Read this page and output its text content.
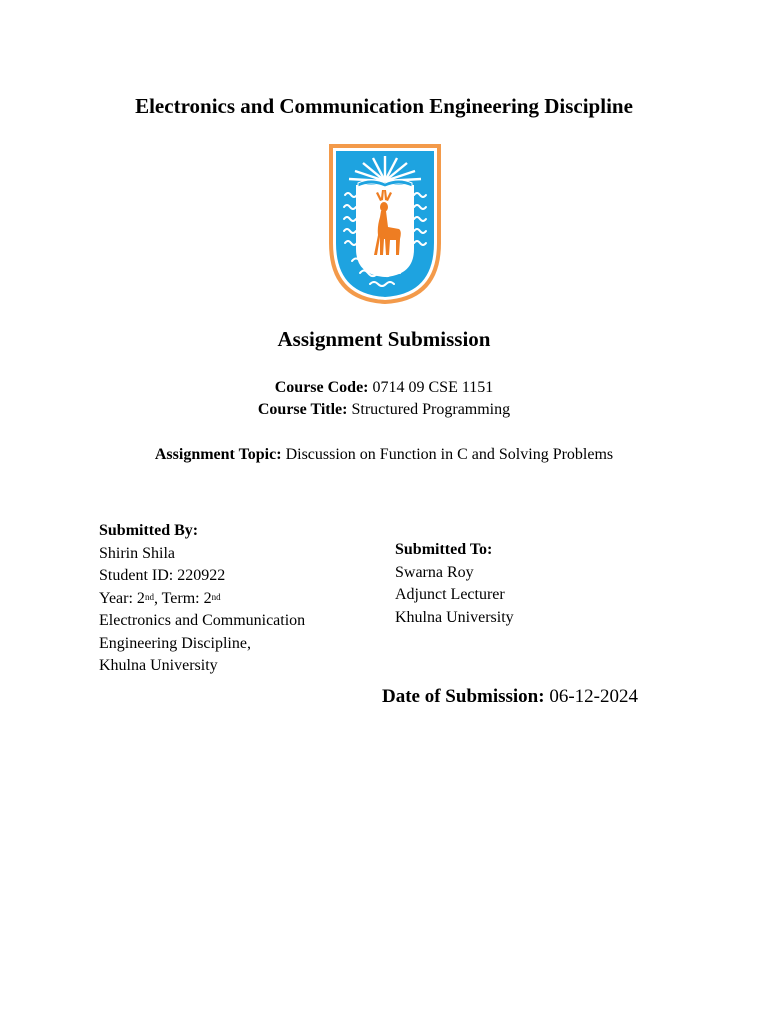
Electronics and Communication Engineering Discipline
Assignment Submission
Course Code: 0714 09 CSE 1151
Course Title: Structured Programming
Assignment Topic: Discussion on Function in C and Solving Problems
Submitted By:
Shirin Shila
Student ID: 220922
Year: 2nd, Term: 2nd
Electronics and Communication
Engineering Discipline,
Khulna University
Submitted To:
Swarna Roy
Adjunct Lecturer
Khulna University
Date of Submission: 06-12-2024
